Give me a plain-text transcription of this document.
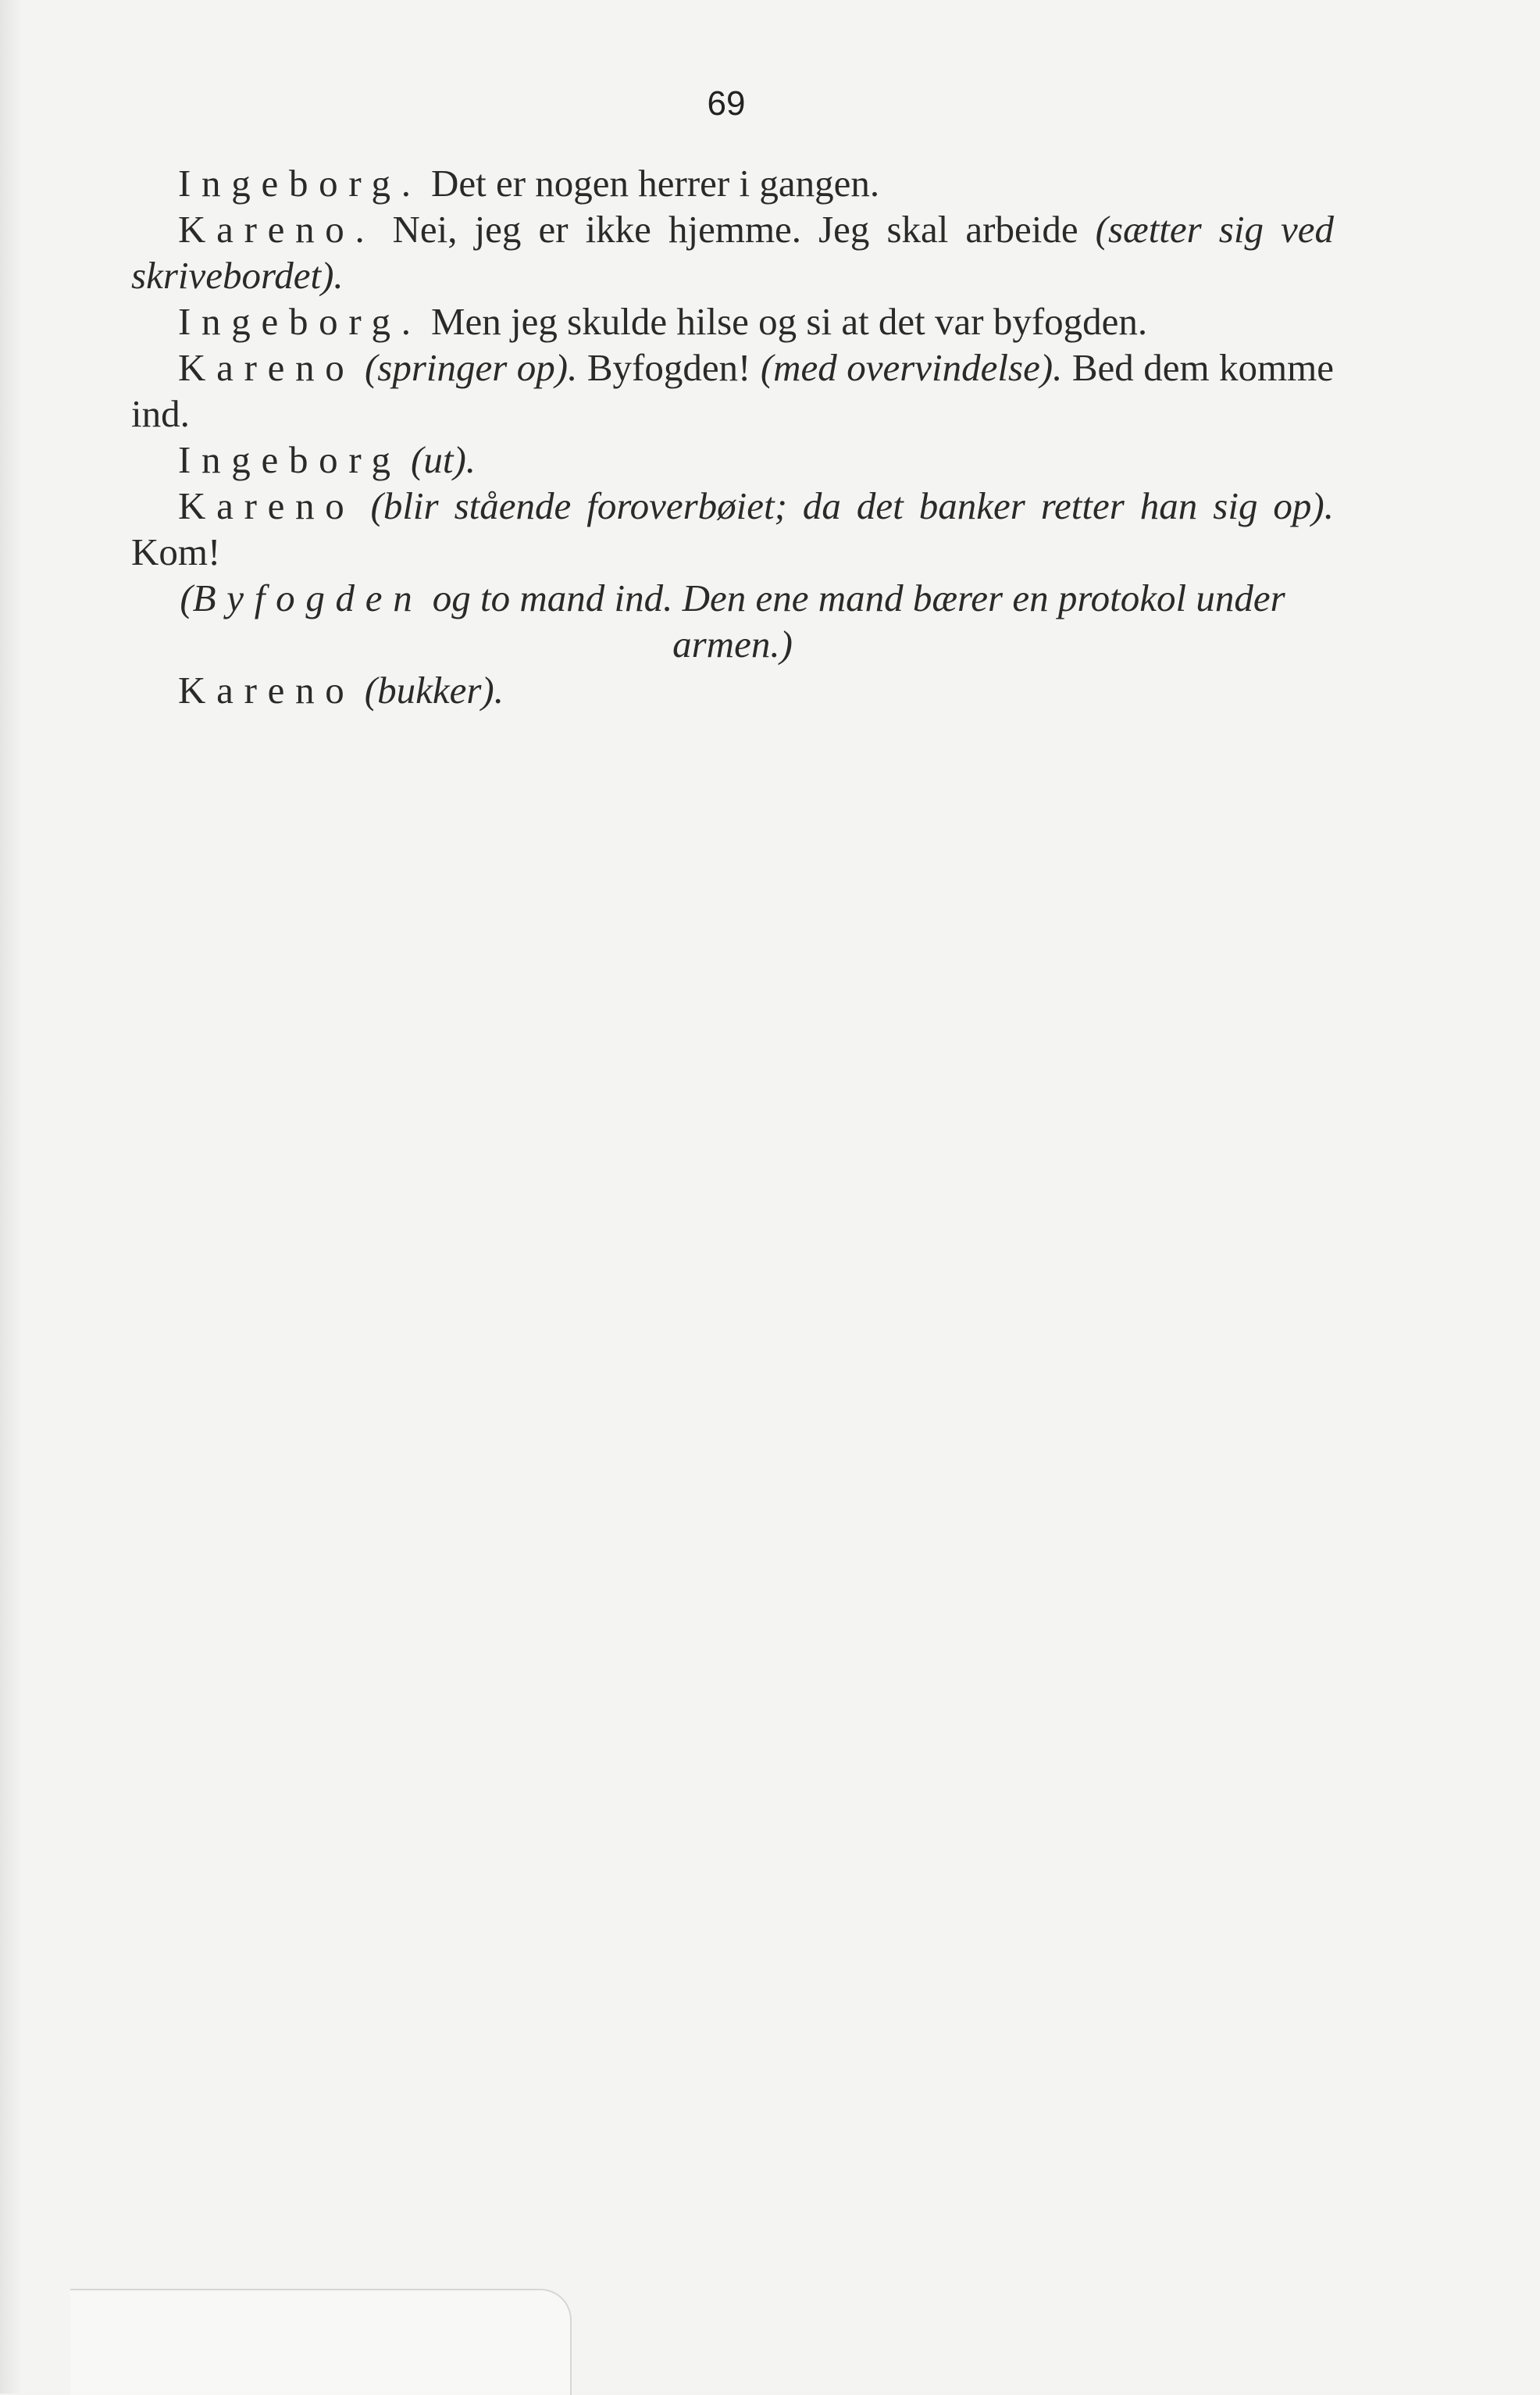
69

Ingeborg. Det er nogen herrer i gangen.

Kareno. Nei, jeg er ikke hjemme. Jeg skal arbeide (sætter sig ved skrivebordet).

Ingeborg. Men jeg skulde hilse og si at det var byfogden.

Kareno (springer op). Byfogden! (med overvindelse). Bed dem komme ind.

Ingeborg (ut).

Kareno (blir stående foroverbøiet; da det banker retter han sig op). Kom!

(Byfogden og to mand ind. Den ene mand bærer en protokol under armen.)

Kareno (bukker).
